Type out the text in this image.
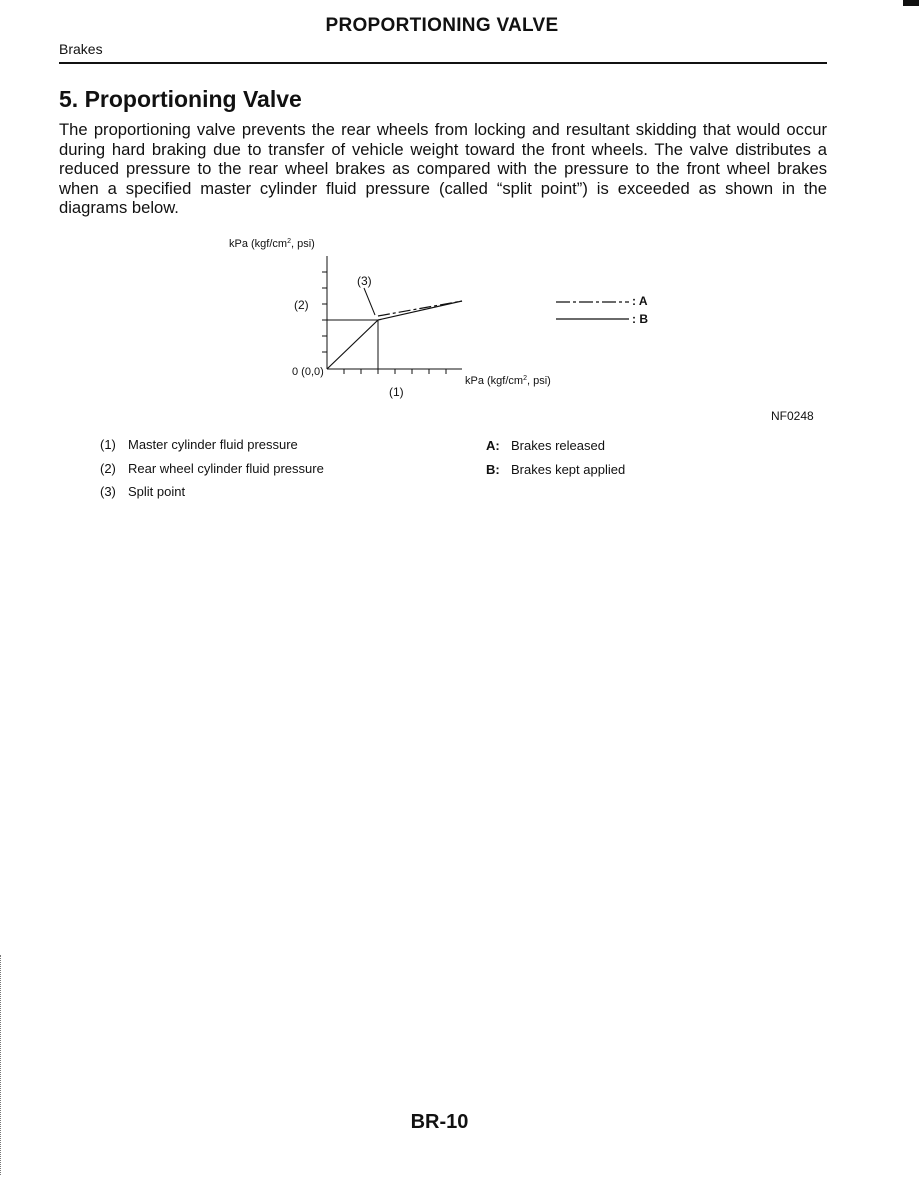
PROPORTIONING VALVE
Brakes
5. Proportioning Valve

The proportioning valve prevents the rear wheels from locking and resultant skidding that would occur during hard braking due to transfer of vehicle weight toward the front wheels. The valve distributes a reduced pressure to the rear wheel brakes as compared with the pressure to the front wheel brakes when a specified master cylinder fluid pressure (called “split point”) is exceeded as shown in the diagrams below.

kPa ($kgf/cm^2$, psi)
kPa ($kgf/cm^2$, psi)
0 (0,0)
(1)
(2)
(3)
: A
: B
NF0248
(1) Master cylinder fluid pressure
(2) Rear wheel cylinder fluid pressure
(3) Split point
A: Brakes released
B: Brakes kept applied
BR-10
